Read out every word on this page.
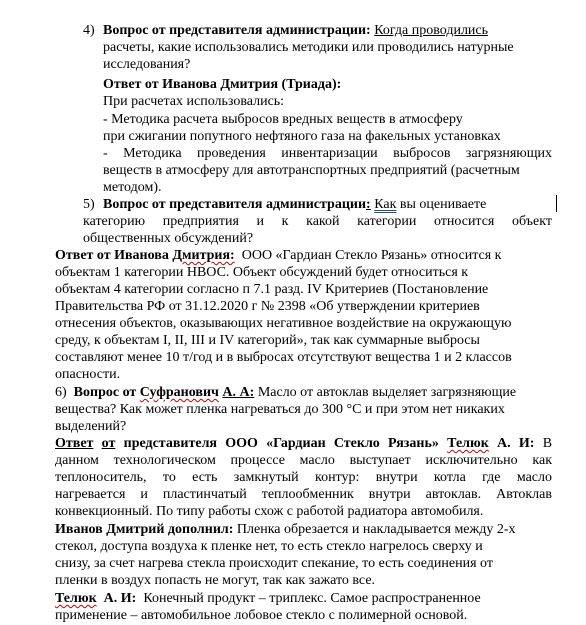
4) Вопрос от представителя администрации: Когда проводились
расчеты, какие использовались методики или проводились натурные
исследования?
Ответ от Иванова Дмитрия (Триада):
При расчетах использовались:
- Методика расчета выбросов вредных веществ в атмосферу
при сжигании попутного нефтяного газа на факельных установках
- Методика проведения инвентаризации выбросов загрязняющих
веществ в атмосферу для автотранспортных предприятий (расчетным
методом).
5) Вопрос от представителя администрации: Как вы оцениваете
категорию предприятия и к какой категории относится объект
общественных обсуждений?
Ответ от Иванова Дмитрия: ООО «Гардиан Стекло Рязань» относится к
объектам 1 категории НВОС. Объект обсуждений будет относиться к
объектам 4 категории согласно п 7.1 разд. IV Критериев (Постановление
Правительства РФ от 31.12.2020 г № 2398 «Об утверждении критериев
отнесения объектов, оказывающих негативное воздействие на окружающую
среду, к объектам I, II, III и IV категорий», так как суммарные выбросы
составляют менее 10 т/год и в выбросах отсутствуют вещества 1 и 2 классов
опасности.
6) Вопрос от Суфранович А. А: Масло от автоклав выделяет загрязняющие
вещества? Как может пленка нагреваться до 300 °С и при этом нет никаких
выделений?
Ответ от представителя ООО «Гардиан Стекло Рязань» Телюк А. И: В
данном технологическом процессе масло выступает исключительно как
теплоноситель, то есть замкнутый контур: внутри котла где масло
нагревается и пластинчатый теплообменник внутри автоклав. Автоклав
конвекционный. По типу работы схож с работой радиатора автомобиля.
Иванов Дмитрий дополнил: Пленка обрезается и накладывается между 2-х
стекол, доступа воздуха к пленке нет, то есть стекло нагрелось сверху и
снизу, за счет нагрева стекла происходит спекание, то есть соединения от
пленки в воздух попасть не могут, так как зажато все.
Телюк А. И: Конечный продукт – триплекс. Самое распространенное
применение – автомобильное лобовое стекло с полимерной основой.
